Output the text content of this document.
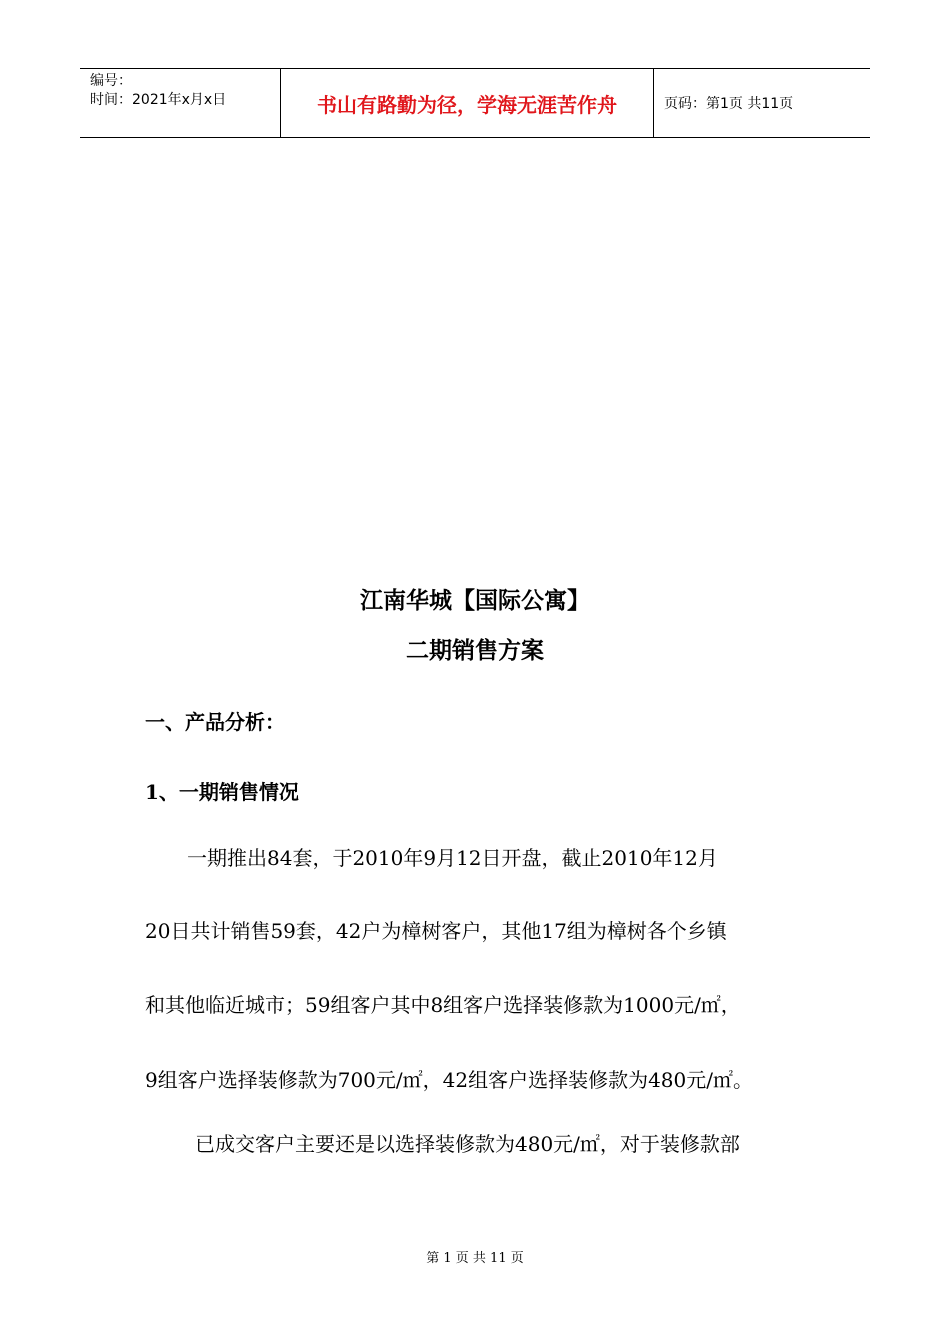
编号：
时间：2021年x月x日	书山有路勤为径，学海无涯苦作舟	页码：第1页 共11页
江南华城【国际公寓】
二期销售方案
一、产品分析：
1、一期销售情况
一期推出84套，于2010年9月12日开盘，截止2010年12月
20日共计销售59套，42户为樟树客户，其他17组为樟树各个乡镇
和其他临近城市；59组客户其中8组客户选择装修款为1000元/㎡，
9组客户选择装修款为700元/㎡，42组客户选择装修款为480元/㎡。
已成交客户主要还是以选择装修款为480元/㎡，对于装修款部
第 1 页 共 11 页
